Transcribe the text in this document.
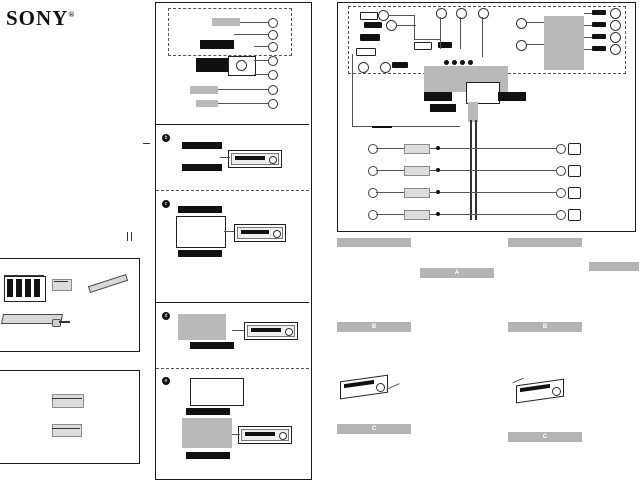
SONY®
b
c
d
e
A
B	B
C
C
